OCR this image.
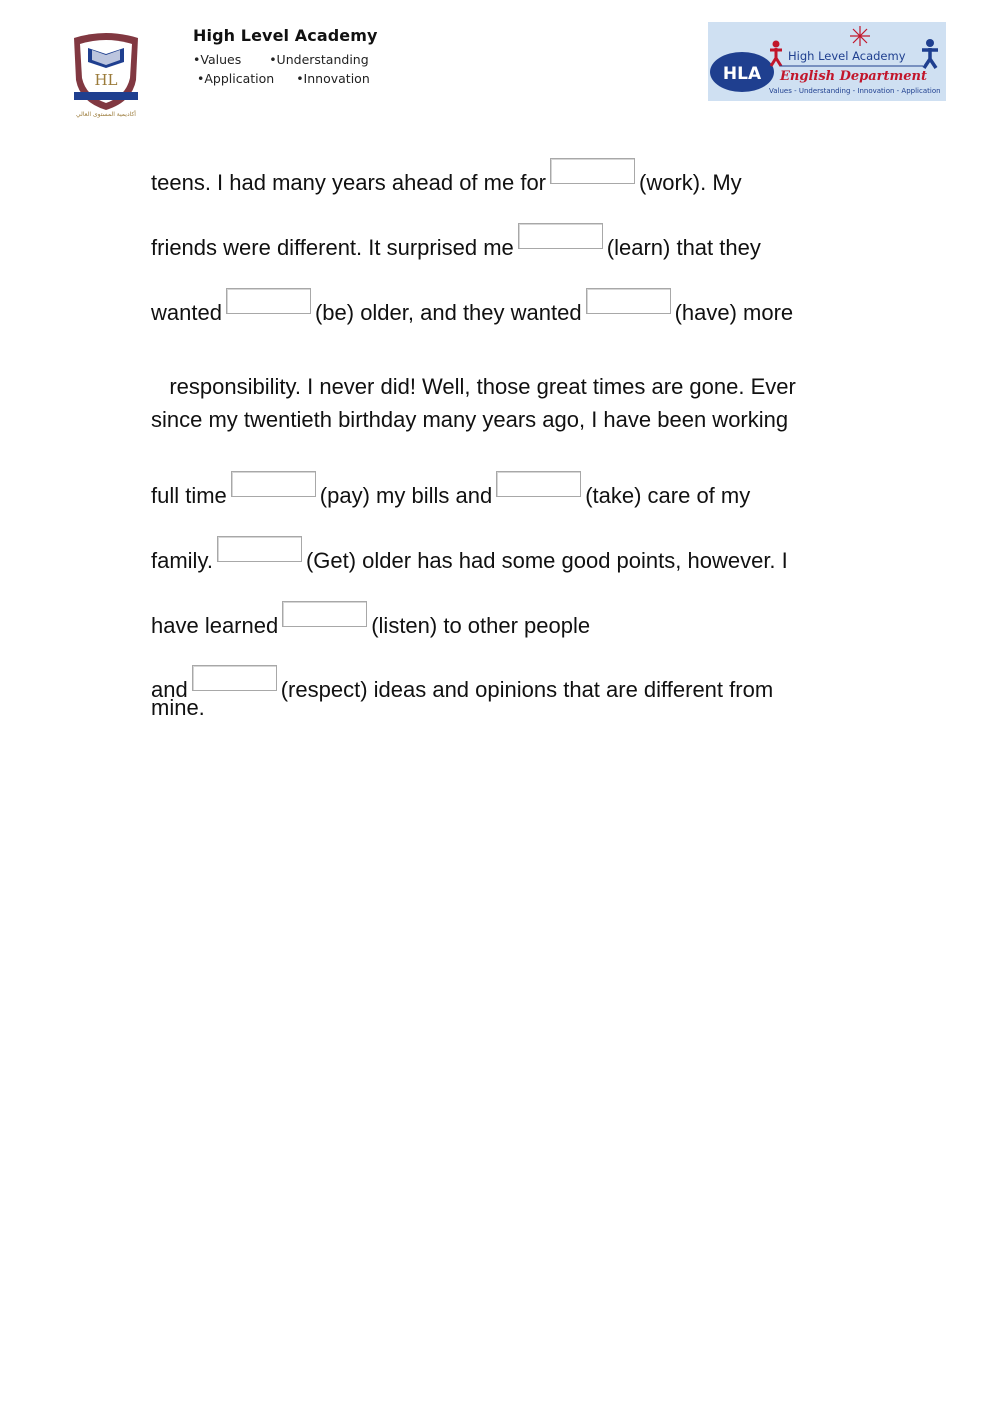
HL
أكاديمية المستوى العالي
High Level Academy
•Values •Understanding
•Application •Innovation	HLA
High Level Academy
English Department
Values - Understanding - Innovation - Application
teens. I had many years ahead of me for	(work). My
friends were different. It surprised me	(learn) that they
wanted	(be) older, and they wanted	(have) more

responsibility. I never did! Well, those great times are gone. Ever

since my twentieth birthday many years ago, I have been working
full time	(pay) my bills and	(take) care of my
family.	(Get) older has had some good points, however. I
have learned	(listen) to other people
and	(respect) ideas and opinions that are different from
mine.
